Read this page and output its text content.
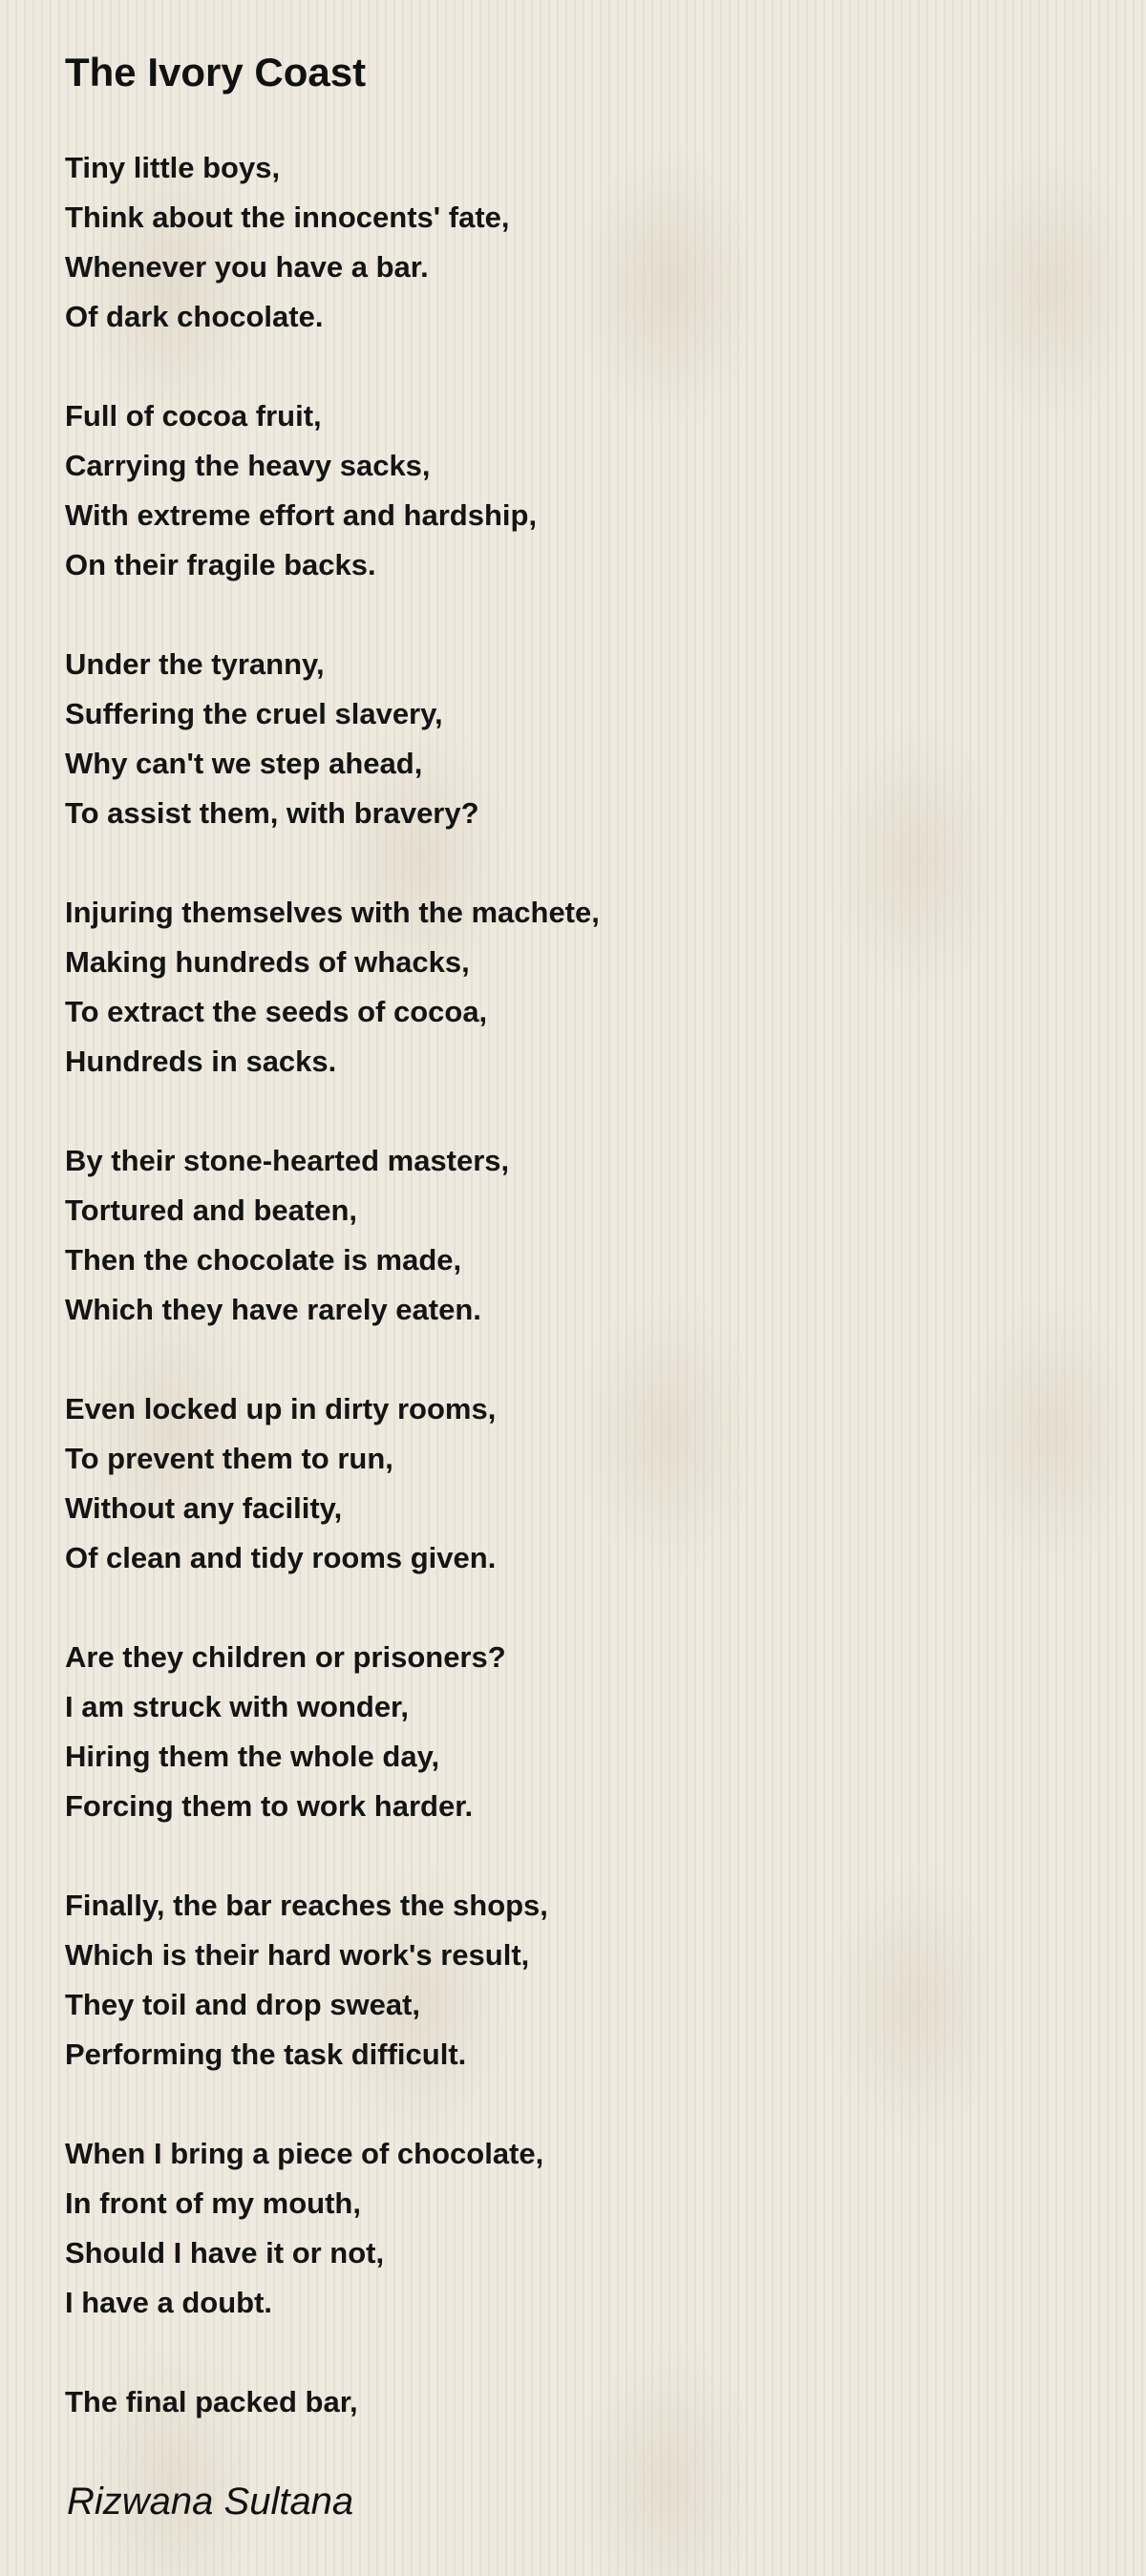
The Ivory Coast
Tiny little boys,
Think about the innocents' fate,
Whenever you have a bar.
Of dark chocolate.
Full of cocoa fruit,
Carrying the heavy sacks,
With extreme effort and hardship,
On their fragile backs.
Under the tyranny,
Suffering the cruel slavery,
Why can't we step ahead,
To assist them, with bravery?
Injuring themselves with the machete,
Making hundreds of whacks,
To extract the seeds of cocoa,
Hundreds in sacks.
By their stone-hearted masters,
Tortured and beaten,
Then the chocolate is made,
Which they have rarely eaten.
Even locked up in dirty rooms,
To prevent them to run,
Without any facility,
Of clean and tidy rooms given.
Are they children or prisoners?
I am struck with wonder,
Hiring them the whole day,
Forcing them to work harder.
Finally, the bar reaches the shops,
Which is their hard work's result,
They toil and drop sweat,
Performing the task difficult.
When I bring a piece of chocolate,
In front of my mouth,
Should I have it or not,
I have a doubt.
The final packed bar,

Rizwana Sultana
